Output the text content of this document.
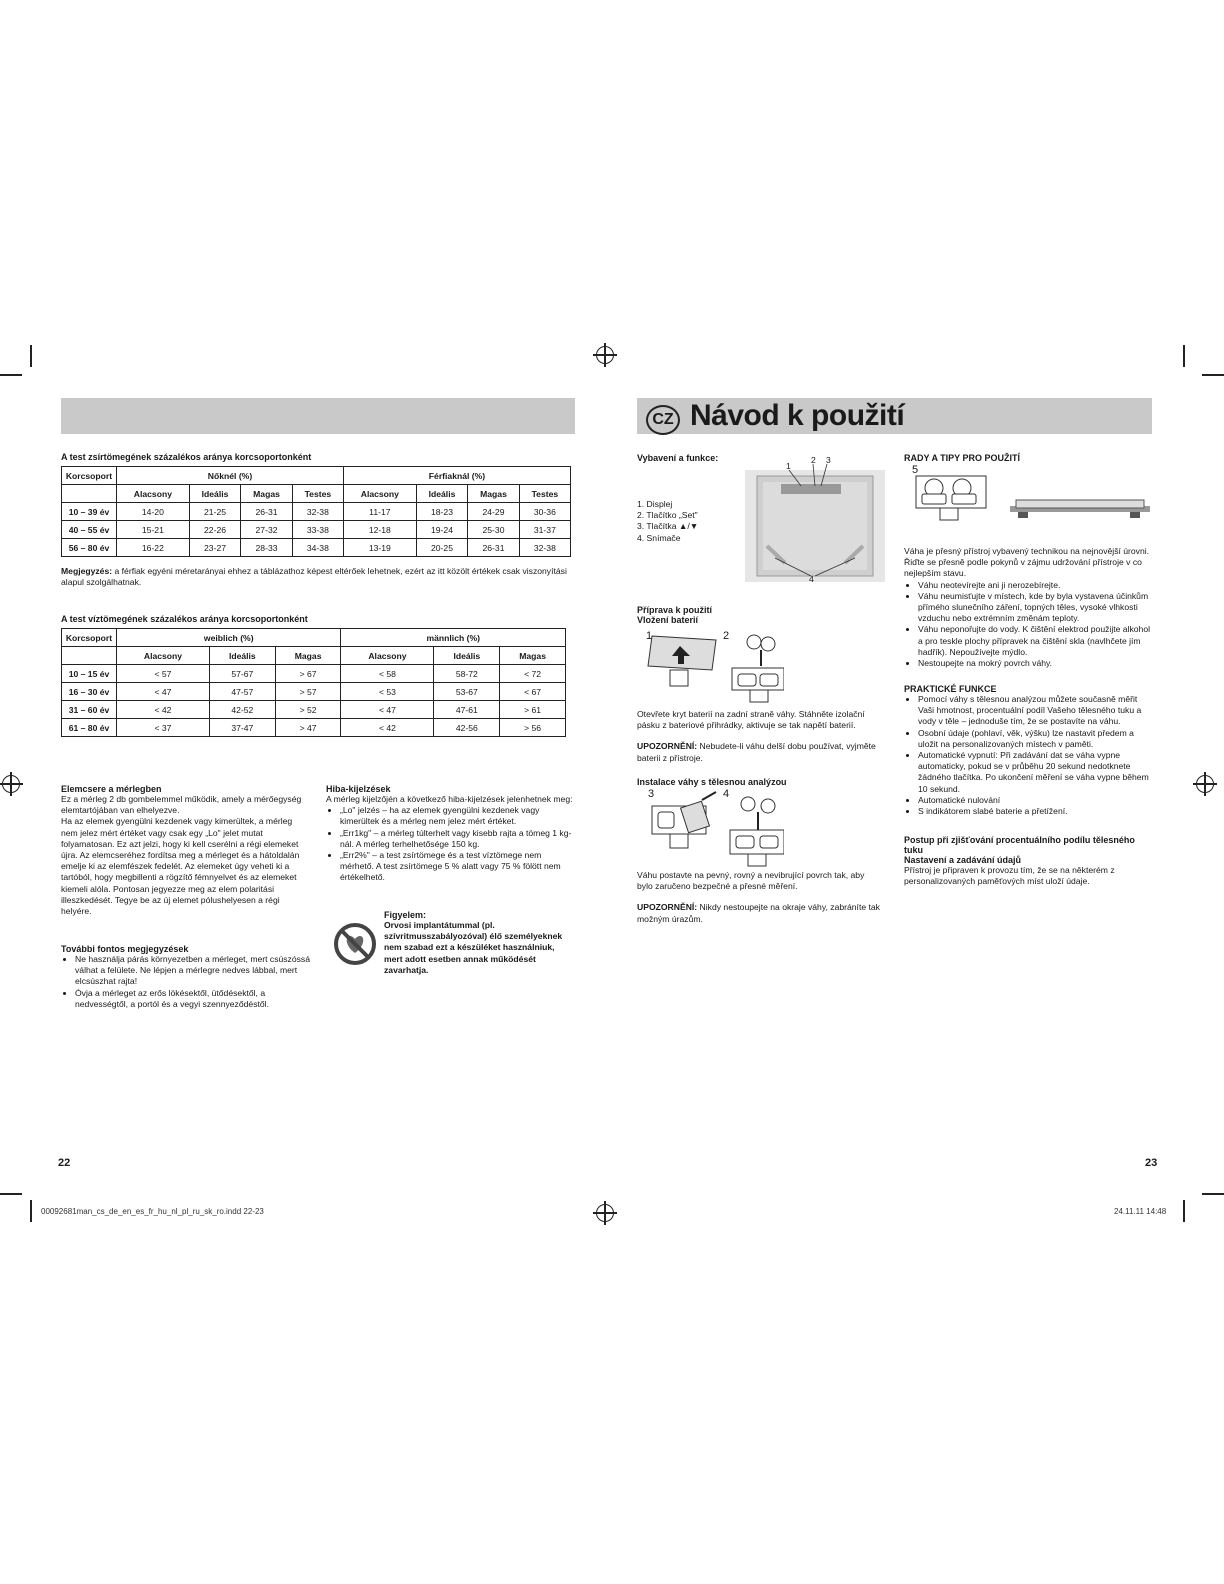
CZ Návod k použití
A test zsírtömegének százalékos aránya korcsoportonként
Korcsoport	Nőknél (%)				Férfiaknál (%)			
	Alacsony	Ideális	Magas	Testes	Alacsony	Ideális	Magas	Testes
10 – 39 év	14-20	21-25	26-31	32-38	11-17	18-23	24-29	30-36
40 – 55 év	15-21	22-26	27-32	33-38	12-18	19-24	25-30	31-37
56 – 80 év	16-22	23-27	28-33	34-38	13-19	20-25	26-31	32-38
Megjegyzés: a férfiak egyéni méretarányai ehhez a táblázathoz képest eltérőek lehetnek, ezért az itt közölt értékek csak viszonyítási alapul szolgálhatnak.
A test víztömegének százalékos aránya korcsoportonként
Korcsoport	weiblich (%)			männlich (%)		
	Alacsony	Ideális	Magas	Alacsony	Ideális	Magas
10 – 15 év	< 57	57-67	> 67	< 58	58-72	< 72
16 – 30 év	< 47	47-57	> 57	< 53	53-67	< 67
31 – 60 év	< 42	42-52	> 52	< 47	47-61	> 61
61 – 80 év	< 37	37-47	> 47	< 42	42-56	> 56
Elemcsere a mérlegben
Ez a mérleg 2 db gombelemmel működik, amely a mérőegység elemtartójában van elhelyezve.
Ha az elemek gyengülni kezdenek vagy kimerültek, a mérleg nem jelez mért értéket vagy csak egy „Lo" jelet mutat folyamatosan. Ez azt jelzi, hogy ki kell cserélni a régi elemeket újra. Az elemcseréhez fordítsa meg a mérleget és a hátoldalán emelje ki az elemfészek fedelét. Az elemeket úgy veheti ki a tartóból, hogy megbillenti a rögzítő fémnyelvet és az elemeket kiemeli alóla. Pontosan jegyezze meg az elem polaritási illeszkedését. Tegye be az új elemet pólushelyesen a régi helyére.
További fontos megjegyzések
• Ne használja párás környezetben a mérleget, mert csúszóssá válhat a felülete. Ne lépjen a mérlegre nedves lábbal, mert elcsúszhat rajta!
• Óvja a mérleget az erős lökésektől, ütődésektől, a nedvességtől, a portól és a vegyi szennyeződéstől.
Hiba-kijelzések
A mérleg kijelzőjén a következő hiba-kijelzések jelenhetnek meg:
• „Lo" jelzés – ha az elemek gyengülni kezdenek vagy kimerültek és a mérleg nem jelez mért értéket.
• „Err1kg" – a mérleg túlterhelt vagy kisebb rajta a tömeg 1 kg-nál. A mérleg terhelhetősége 150 kg.
• „Err2%" – a test zsírtömege és a test víztömege nem mérhető. A test zsírtömege 5 % alatt vagy 75 % fölött nem értékelhető.
Figyelem:
Orvosi implantátummal (pl. szívritmusszabályozóval) élő személyeknek nem szabad ezt a készüléket használniuk, mert adott esetben annak működését zavarhatja.
22
Vybavení a funkce:
1. Displej
2. Tlačítko „Set"
3. Tlačítka ▲/▼
4. Snímače
1
2 3
4
Příprava k použití
Vložení baterií
1	2
Otevřete kryt baterií na zadní straně váhy. Stáhněte izolační pásku z bateriové přihrádky, aktivuje se tak napětí baterií.
UPOZORNĚNÍ: Nebudete-li váhu delší dobu používat, vyjměte baterii z přístroje.
Instalace váhy s tělesnou analýzou
3	4
Váhu postavte na pevný, rovný a nevibrující povrch tak, aby bylo zaručeno bezpečné a přesné měření.
UPOZORNĚNÍ: Nikdy nestoupejte na okraje váhy, zabráníte tak možným úrazům.
RADY A TIPY PRO POUŽITÍ
5
Váha je přesný přístroj vybavený technikou na nejnovější úrovni. Řiďte se přesně podle pokynů v zájmu udržování přístroje v co nejlepším stavu.
• Váhu neotevírejte ani ji nerozebírejte.
• Váhu neumisťujte v místech, kde by byla vystavena účinkům přímého slunečního záření, topných těles, vysoké vlhkosti vzduchu nebo extrémním změnám teploty.
• Váhu neponořujte do vody. K čištění elektrod použijte alkohol a pro teskle plochy přípravek na čištění skla (navlhčete jím hadřík). Nepoužívejte mýdlo.
• Nestoupejte na mokrý povrch váhy.
PRAKTICKÉ FUNKCE
• Pomocí váhy s tělesnou analýzou můžete současně měřit Vaši hmotnost, procentuální podíl Vašeho tělesného tuku a vody v těle – jednoduše tím, že se postavíte na váhu.
• Osobní údaje (pohlaví, věk, výšku) lze nastavit předem a uložit na personalizovaných místech v paměti.
• Automatické vypnutí: Při zadávání dat se váha vypne automaticky, pokud se v průběhu 20 sekund nedotknete žádného tlačítka. Po ukončení měření se váha vypne během 10 sekund.
• Automatické nulování
• S indikátorem slabé baterie a přetížení.
Postup při zjišťování procentuálního podílu tělesného tuku
Nastavení a zadávání údajů
Přístroj je připraven k provozu tím, že se na některém z personalizovaných paměťových míst uloží údaje.
23
00092681man_cs_de_en_es_fr_hu_nl_pl_ru_sk_ro.indd 22-23	24.11.11 14:48
